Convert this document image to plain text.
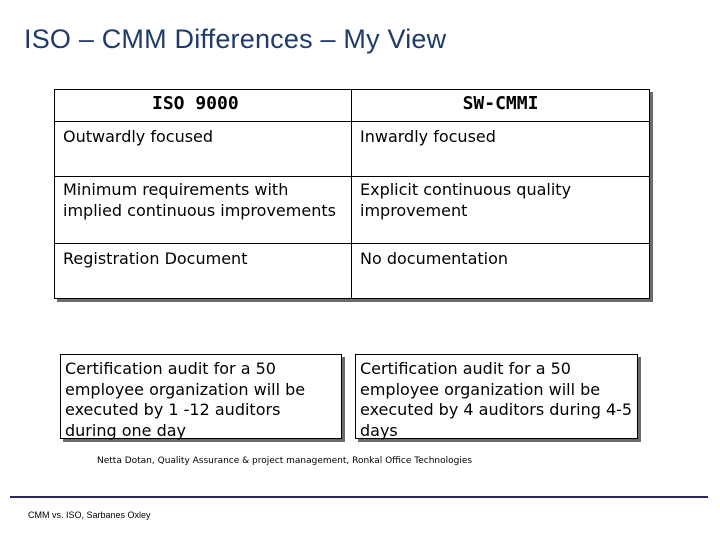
ISO – CMM Differences – My View
ISO 9000	SW-CMMI
Outwardly focused	Inwardly focused
Minimum requirements with implied continuous improvements	Explicit continuous quality improvement
Registration Document	No documentation
Certification audit for a 50 employee organization will be executed by 1 -12 auditors during one day
Certification audit for a 50 employee organization will be executed by 4 auditors during 4-5 days
Netta Dotan, Quality Assurance & project management, Ronkal Office Technologies
CMM vs. ISO, Sarbanes Oxley
